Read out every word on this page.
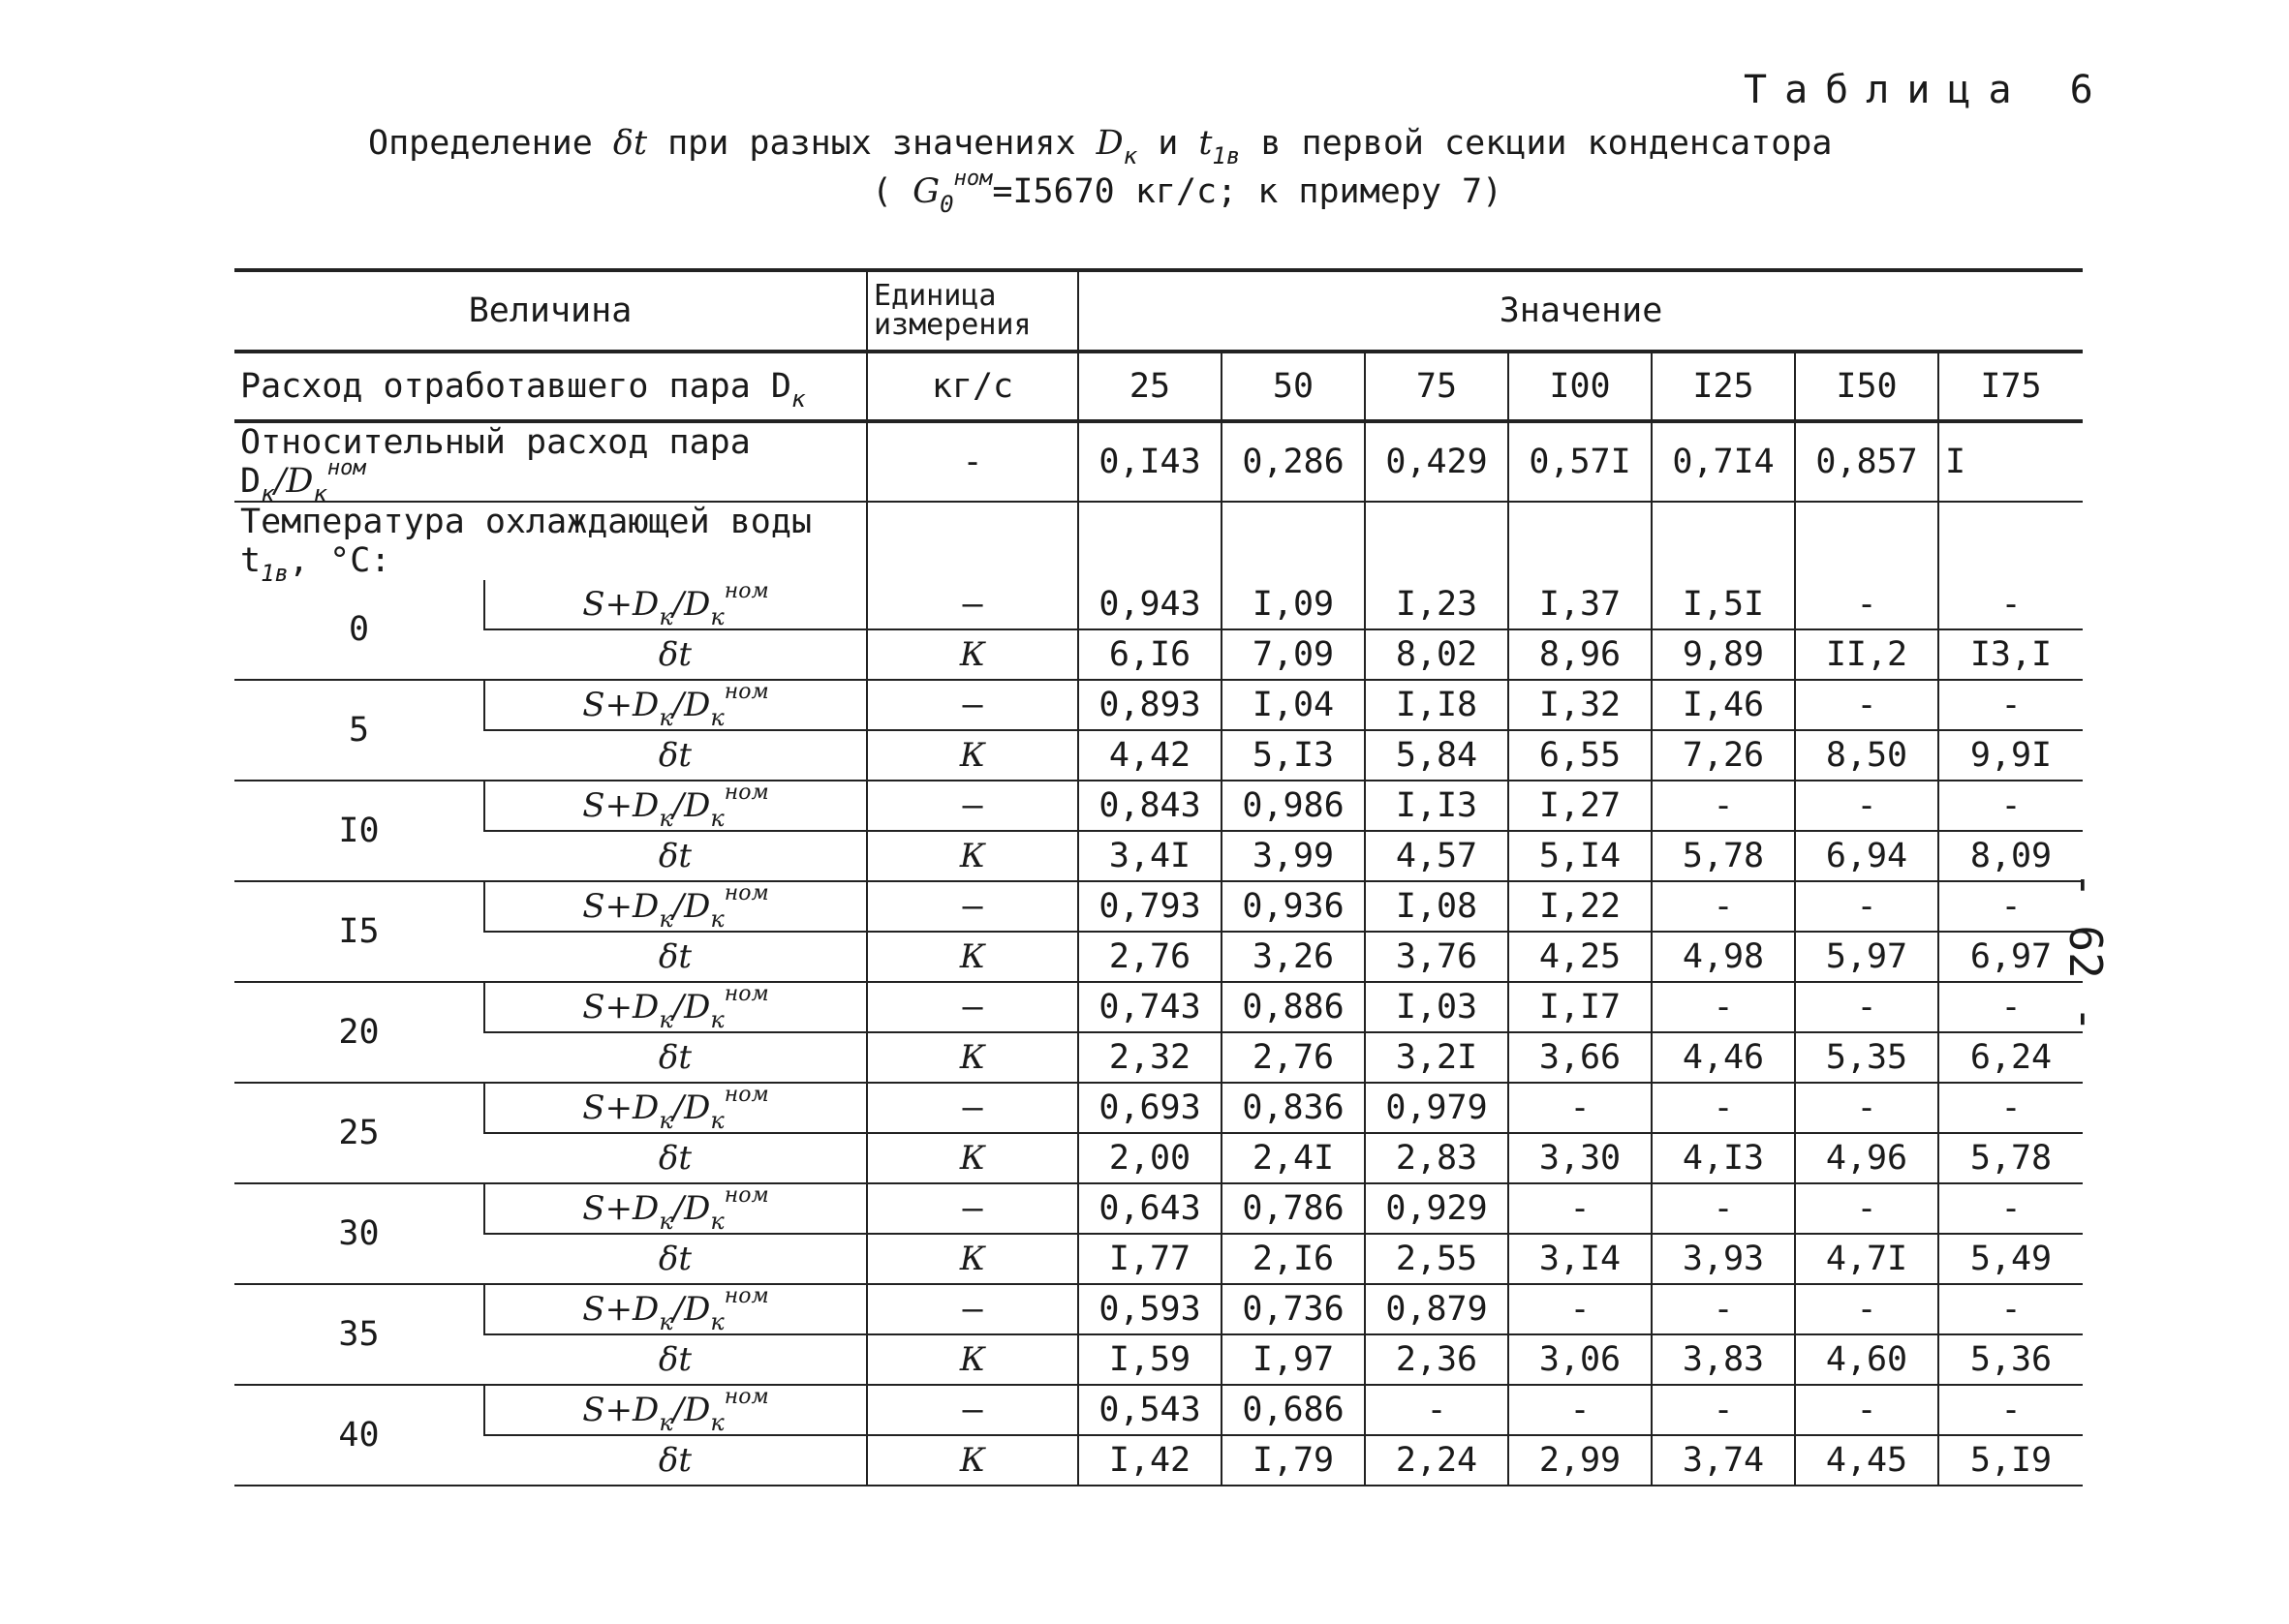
Таблица 6
Определение δt при разных значениях $D_к$ и $t_{1в}$ в первой секции конденсатора
( $G_0^{ном}=I5670$ кг/с; к примеру 7)
- 62 -
Величина		Единица измерения	Значение						
Расход отработавшего пара $D_к$		кг/с	25	50	75	I00	I25	I50	I75
Относительный расход пара $D_к/D_к^{ном}$		-	0,I43	0,286	0,429	0,57I	0,7I4	0,857	I
Температура охлаждающей воды $t_{1в}$, °С:									
0	$S+D_к/D_к^{ном}$	—	0,943	I,09	I,23	I,37	I,5I	-	-
	δt	К	6,I6	7,09	8,02	8,96	9,89	II,2	I3,I
5	$S+D_к/D_к^{ном}$	—	0,893	I,04	I,I8	I,32	I,46	-	-
	δt	К	4,42	5,I3	5,84	6,55	7,26	8,50	9,9I
I0	$S+D_к/D_к^{ном}$	—	0,843	0,986	I,I3	I,27	-	-	-
	δt	К	3,4I	3,99	4,57	5,I4	5,78	6,94	8,09
I5	$S+D_к/D_к^{ном}$	—	0,793	0,936	I,08	I,22	-	-	-
	δt	К	2,76	3,26	3,76	4,25	4,98	5,97	6,97
20	$S+D_к/D_к^{ном}$	—	0,743	0,886	I,03	I,I7	-	-	-
	δt	К	2,32	2,76	3,2I	3,66	4,46	5,35	6,24
25	$S+D_к/D_к^{ном}$	—	0,693	0,836	0,979	-	-	-	-
	δt	К	2,00	2,4I	2,83	3,30	4,I3	4,96	5,78
30	$S+D_к/D_к^{ном}$	—	0,643	0,786	0,929	-	-	-	-
	δt	К	I,77	2,I6	2,55	3,I4	3,93	4,7I	5,49
35	$S+D_к/D_к^{ном}$	—	0,593	0,736	0,879	-	-	-	-
	δt	К	I,59	I,97	2,36	3,06	3,83	4,60	5,36
40	$S+D_к/D_к^{ном}$	—	0,543	0,686	-	-	-	-	-
	δt	К	I,42	I,79	2,24	2,99	3,74	4,45	5,I9
